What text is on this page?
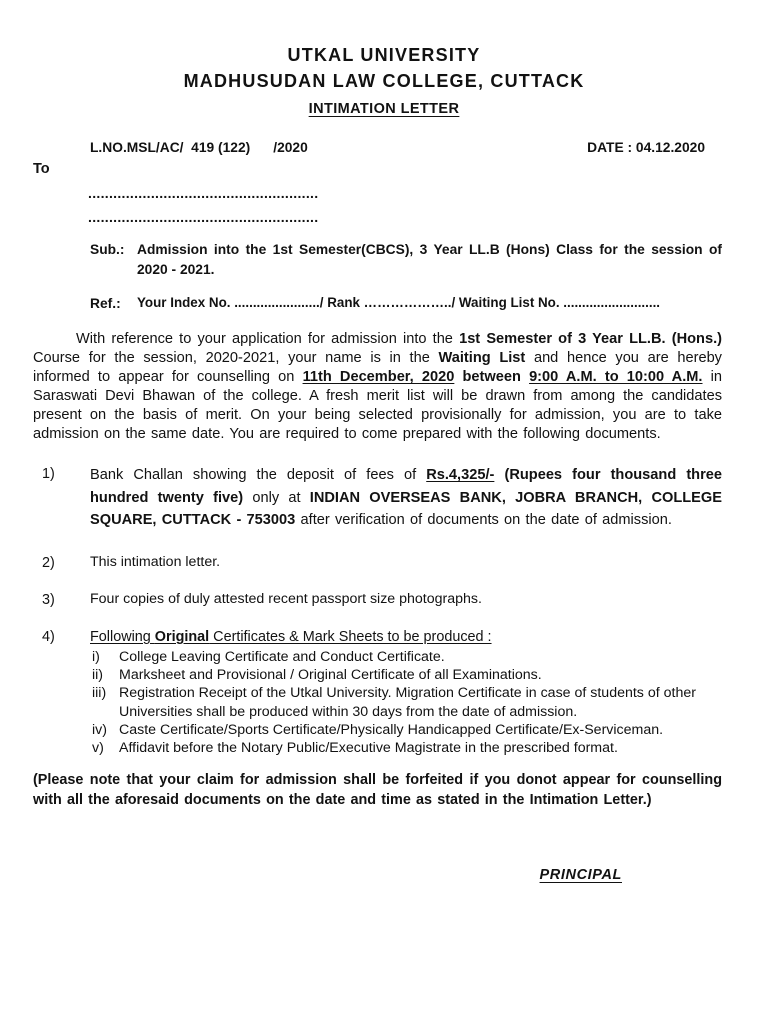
UTKAL UNIVERSITY
MADHUSUDAN LAW COLLEGE, CUTTACK
INTIMATION LETTER
L.NO.MSL/AC/  419 (122)      /2020	DATE : 04.12.2020
To
.......................................................
.......................................................
Sub.: Admission into the 1st Semester(CBCS), 3 Year LL.B (Hons) Class for the session of 2020 - 2021.
Ref.:	Your Index No. ......................./ Rank ………………../ Waiting List No. ..........................

With reference to your application for admission into the 1st Semester of 3 Year LL.B. (Hons.) Course for the session, 2020-2021, your name is in the Waiting List and hence you are hereby informed to appear for counselling on 11th December, 2020 between 9:00 A.M. to 10:00 A.M. in Saraswati Devi Bhawan of the college. A fresh merit list will be drawn from among the candidates present on the basis of merit. On your being selected provisionally for admission, you are to take admission on the same date. You are required to come prepared with the following documents.

1)	Bank Challan showing the deposit of fees of Rs.4,325/- (Rupees four thousand three hundred twenty five) only at INDIAN OVERSEAS BANK, JOBRA BRANCH, COLLEGE SQUARE, CUTTACK - 753003 after verification of documents on the date of admission.
2)	This intimation letter.
3)	Four copies of duly attested recent passport size photographs.
4)	Following Original Certificates & Mark Sheets to be produced :
i)	College Leaving Certificate and Conduct Certificate.
ii)	Marksheet and Provisional / Original Certificate of all Examinations.
iii) Registration Receipt of the Utkal University. Migration Certificate in case of students of other Universities shall be produced within 30 days from the date of admission.
iv) Caste Certificate/Sports Certificate/Physically Handicapped Certificate/Ex-Serviceman.
v)	Affidavit before the Notary Public/Executive Magistrate in the prescribed format.

(Please note that your claim for admission shall be forfeited if you donot appear for counselling with all the aforesaid documents on the date and time as stated in the Intimation Letter.)

PRINCIPAL
